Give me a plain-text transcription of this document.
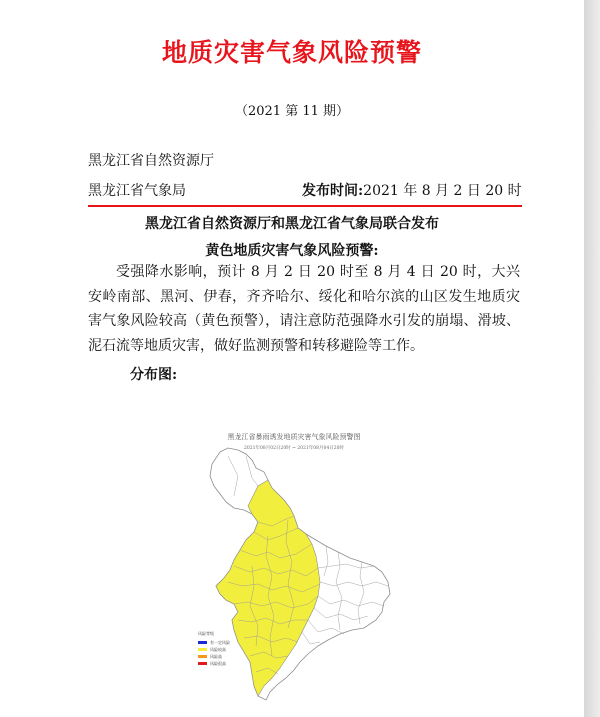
地质灾害气象风险预警
（2021 第 11 期）
黑龙江省自然资源厅
黑龙江省气象局	发布时间:2021 年 8 月 2 日 20 时
黑龙江省自然资源厅和黑龙江省气象局联合发布
黄色地质灾害气象风险预警:
受强降水影响，预计 8 月 2 日 20 时至 8 月 4 日 20 时，大兴安岭南部、黑河、伊春，齐齐哈尔、绥化和哈尔滨的山区发生地质灾害气象风险较高（黄色预警），请注意防范强降水引发的崩塌、滑坡、泥石流等地质灾害，做好监测预警和转移避险等工作。
分布图:
黑龙江省暴雨诱发地质灾害气象风险预警图
2021年08月02日20时 ~ 2021年08月04日20时
风险等级
有一定风险
风险较高
风险高
风险很高
